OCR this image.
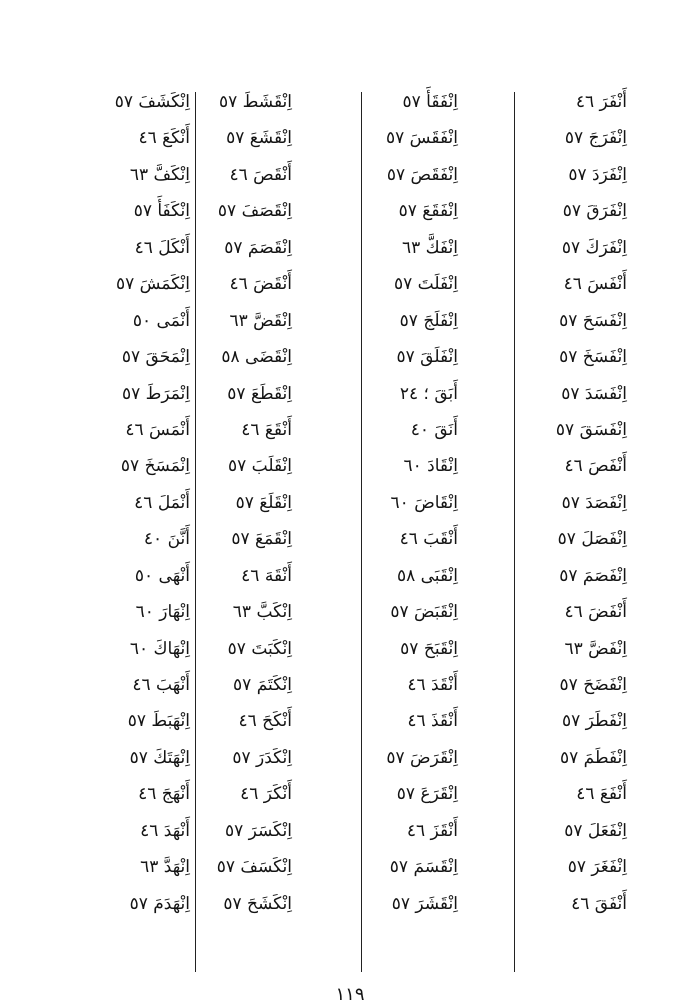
أَنْفَرَ ٤٦
اِنْفَرَجَ ٥٧
اِنْفَرَدَ ٥٧
اِنْفَرَقَ ٥٧
اِنْفَرَكَ ٥٧
أَنْفَسَ ٤٦
اِنْفَسَحَ ٥٧
اِنْفَسَخَ ٥٧
اِنْفَسَدَ ٥٧
اِنْفَسَقَ ٥٧
أَنْفَصَ ٤٦
اِنْفَصَدَ ٥٧
اِنْفَصَلَ ٥٧
اِنْفَصَمَ ٥٧
أَنْفَضَ ٤٦
اِنْفَضَّ ٦٣
اِنْفَضَحَ ٥٧
اِنْفَطَرَ ٥٧
اِنْفَطَمَ ٥٧
أَنْفَعَ ٤٦
اِنْفَعَلَ ٥٧
اِنْفَغَرَ ٥٧
أَنْفَقَ ٤٦
اِنْفَقَأَ ٥٧
اِنْفَقَسَ ٥٧
اِنْفَقَصَ ٥٧
اِنْفَقَعَ ٥٧
اِنْفَكَّ ٦٣
اِنْفَلَتَ ٥٧
اِنْفَلَجَ ٥٧
اِنْفَلَقَ ٥٧
أَبَقَ ؛ ٢٤
أَنَقَ ٤٠
اِنْقَادَ ٦٠
اِنْقَاضَ ٦٠
أَنْقَبَ ٤٦
اِنْقَبَى ٥٨
اِنْقَبَضَ ٥٧
اِنْقَبَحَ ٥٧
أَنْقَدَ ٤٦
أَنْقَذَ ٤٦
اِنْقَرَضَ ٥٧
اِنْقَرَعَ ٥٧
أَنْقَزَ ٤٦
اِنْقَسَمَ ٥٧
اِنْقَشَرَ ٥٧
اِنْقَشَطَ ٥٧
اِنْقَشَعَ ٥٧
أَنْقَصَ ٤٦
اِنْقَصَفَ ٥٧
اِنْقَصَمَ ٥٧
أَنْقَضَ ٤٦
اِنْقَضَّ ٦٣
اِنْقَضَى ٥٨
اِنْقَطَعَ ٥٧
أَنْقَعَ ٤٦
اِنْقَلَبَ ٥٧
اِنْقَلَعَ ٥٧
اِنْقَمَعَ ٥٧
أَنْقَهَ ٤٦
اِنْكَبَّ ٦٣
اِنْكَبَتَ ٥٧
اِنْكَتَمَ ٥٧
أَنْكَحَ ٤٦
اِنْكَدَرَ ٥٧
أَنْكَرَ ٤٦
اِنْكَسَرَ ٥٧
اِنْكَسَفَ ٥٧
اِنْكَشَحَ ٥٧
اِنْكَشَفَ ٥٧
أَنْكَعَ ٤٦
اِنْكَفَّ ٦٣
اِنْكَفَأَ ٥٧
أَنْكَلَ ٤٦
اِنْكَمَشَ ٥٧
أَنْمَى ٥٠
اِنْمَحَقَ ٥٧
اِنْمَرَطَ ٥٧
أَنْمَسَ ٤٦
اِنْمَسَخَ ٥٧
أَنْمَلَ ٤٦
أَنَّنَ ٤٠
أَنْهَى ٥٠
اِنْهَارَ ٦٠
اِنْهَاكَ ٦٠
أَنْهَبَ ٤٦
اِنْهَبَطَ ٥٧
اِنْهَتَكَ ٥٧
أَنْهَجَ ٤٦
أَنْهَدَ ٤٦
اِنْهَدَّ ٦٣
اِنْهَدَمَ ٥٧
١١٩
